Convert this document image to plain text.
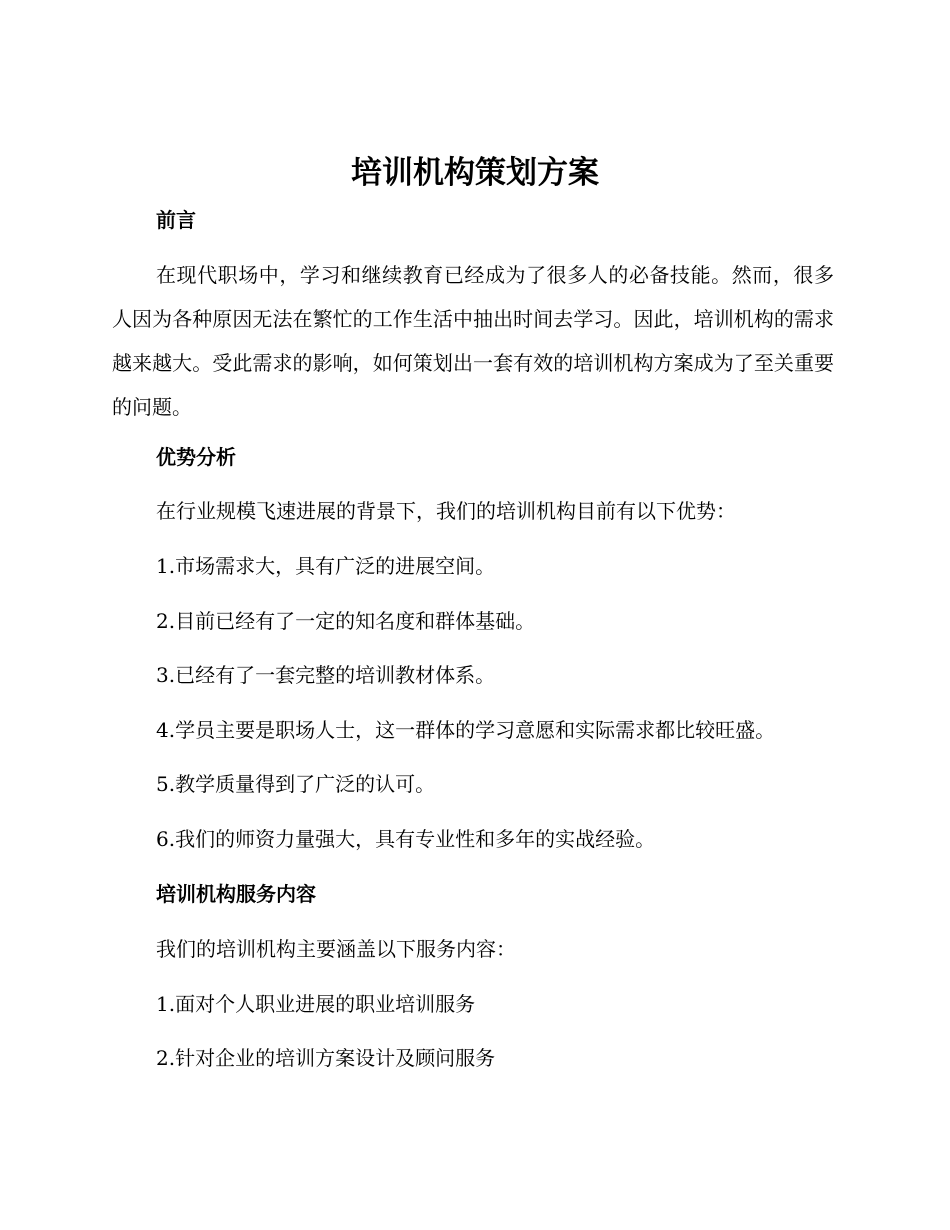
培训机构策划方案
前言

在现代职场中，学习和继续教育已经成为了很多人的必备技能。然而，很多人因为各种原因无法在繁忙的工作生活中抽出时间去学习。因此，培训机构的需求越来越大。受此需求的影响，如何策划出一套有效的培训机构方案成为了至关重要的问题。

优势分析

在行业规模飞速进展的背景下，我们的培训机构目前有以下优势：

1.市场需求大，具有广泛的进展空间。

2.目前已经有了一定的知名度和群体基础。

3.已经有了一套完整的培训教材体系。

4.学员主要是职场人士，这一群体的学习意愿和实际需求都比较旺盛。

5.教学质量得到了广泛的认可。

6.我们的师资力量强大，具有专业性和多年的实战经验。

培训机构服务内容

我们的培训机构主要涵盖以下服务内容：

1.面对个人职业进展的职业培训服务

2.针对企业的培训方案设计及顾问服务
